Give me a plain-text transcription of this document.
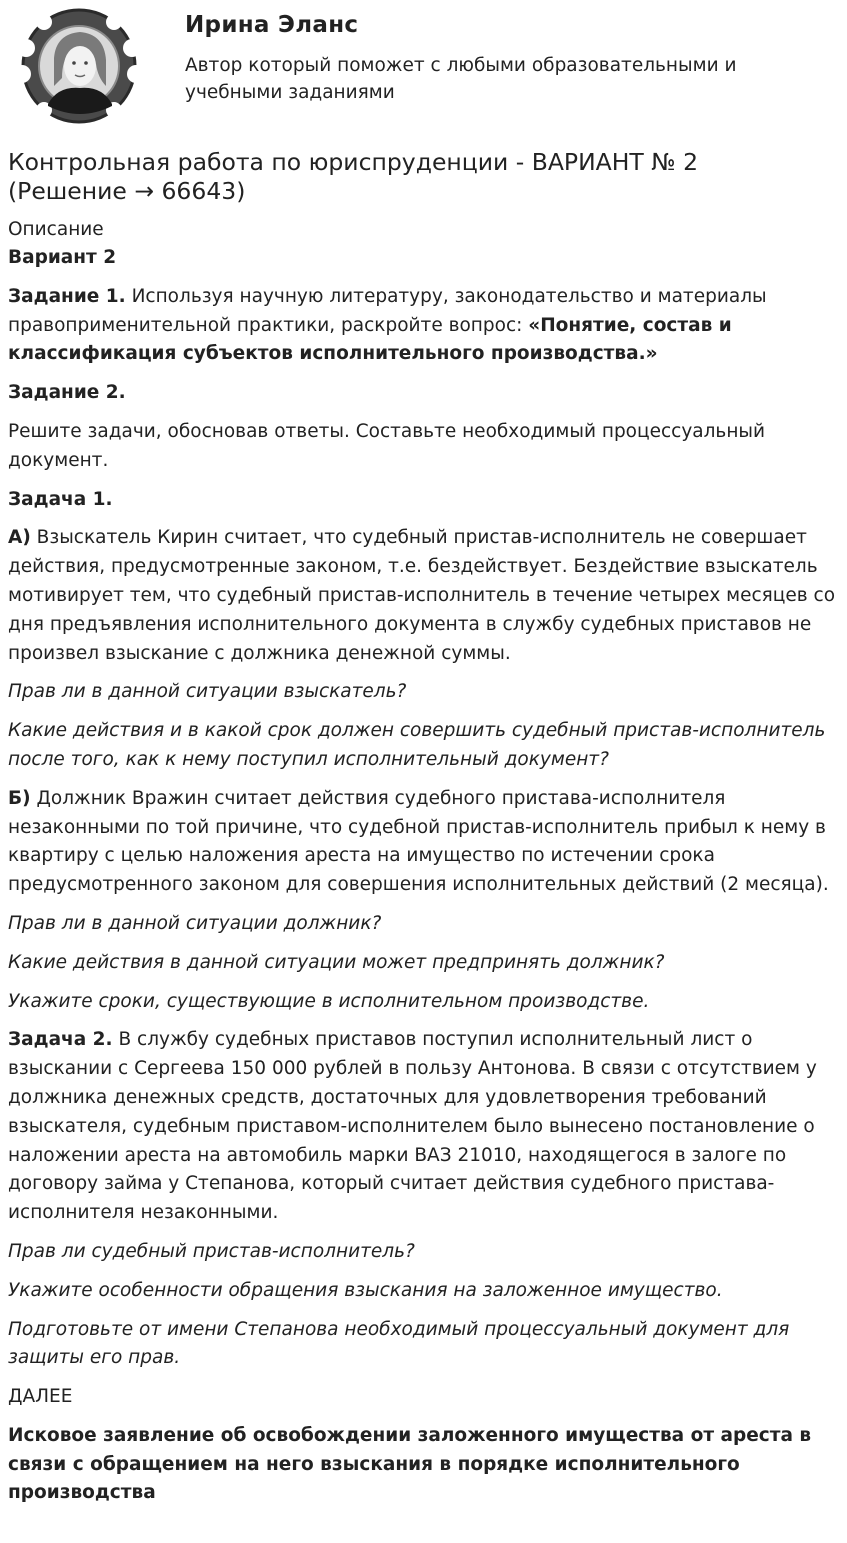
Ирина Эланс
Автор который поможет с любыми образовательными и учебными заданиями
Контрольная работа по юриспруденции - ВАРИАНТ № 2
(Решение → 66643)
Описание

Вариант 2

Задание 1. Используя научную литературу, законодательство и материалы правоприменительной практики, раскройте вопрос: «Понятие, состав и классификация субъектов исполнительного производства.»

Задание 2.

Решите задачи, обосновав ответы. Составьте необходимый процессуальный документ.

Задача 1.

А) Взыскатель Кирин считает, что судебный пристав-исполнитель не совершает действия, предусмотренные законом, т.е. бездействует. Бездействие взыскатель мотивирует тем, что судебный пристав-исполнитель в течение четырех месяцев со дня предъявления исполнительного документа в службу судебных приставов не произвел взыскание с должника денежной суммы.

Прав ли в данной ситуации взыскатель?

Какие действия и в какой срок должен совершить судебный пристав-исполнитель после того, как к нему поступил исполнительный документ?

Б) Должник Вражин считает действия судебного пристава-исполнителя незаконными по той причине, что судебной пристав-исполнитель прибыл к нему в квартиру с целью наложения ареста на имущество по истечении срока предусмотренного законом для совершения исполнительных действий (2 месяца).

Прав ли в данной ситуации должник?

Какие действия в данной ситуации может предпринять должник?

Укажите сроки, существующие в исполнительном производстве.

Задача 2. В службу судебных приставов поступил исполнительный лист о взыскании с Сергеева 150 000 рублей в пользу Антонова. В связи с отсутствием у должника денежных средств, достаточных для удовлетворения требований взыскателя, судебным приставом-исполнителем было вынесено постановление о наложении ареста на автомобиль марки ВАЗ 21010, находящегося в залоге по договору займа у Степанова, который считает действия судебного пристава-исполнителя незаконными.

Прав ли судебный пристав-исполнитель?

Укажите особенности обращения взыскания на заложенное имущество.

Подготовьте от имени Степанова необходимый процессуальный документ для защиты его прав.

ДАЛЕЕ

Исковое заявление об освобождении заложенного имущества от ареста в связи с обращением на него взыскания в порядке исполнительного производства
